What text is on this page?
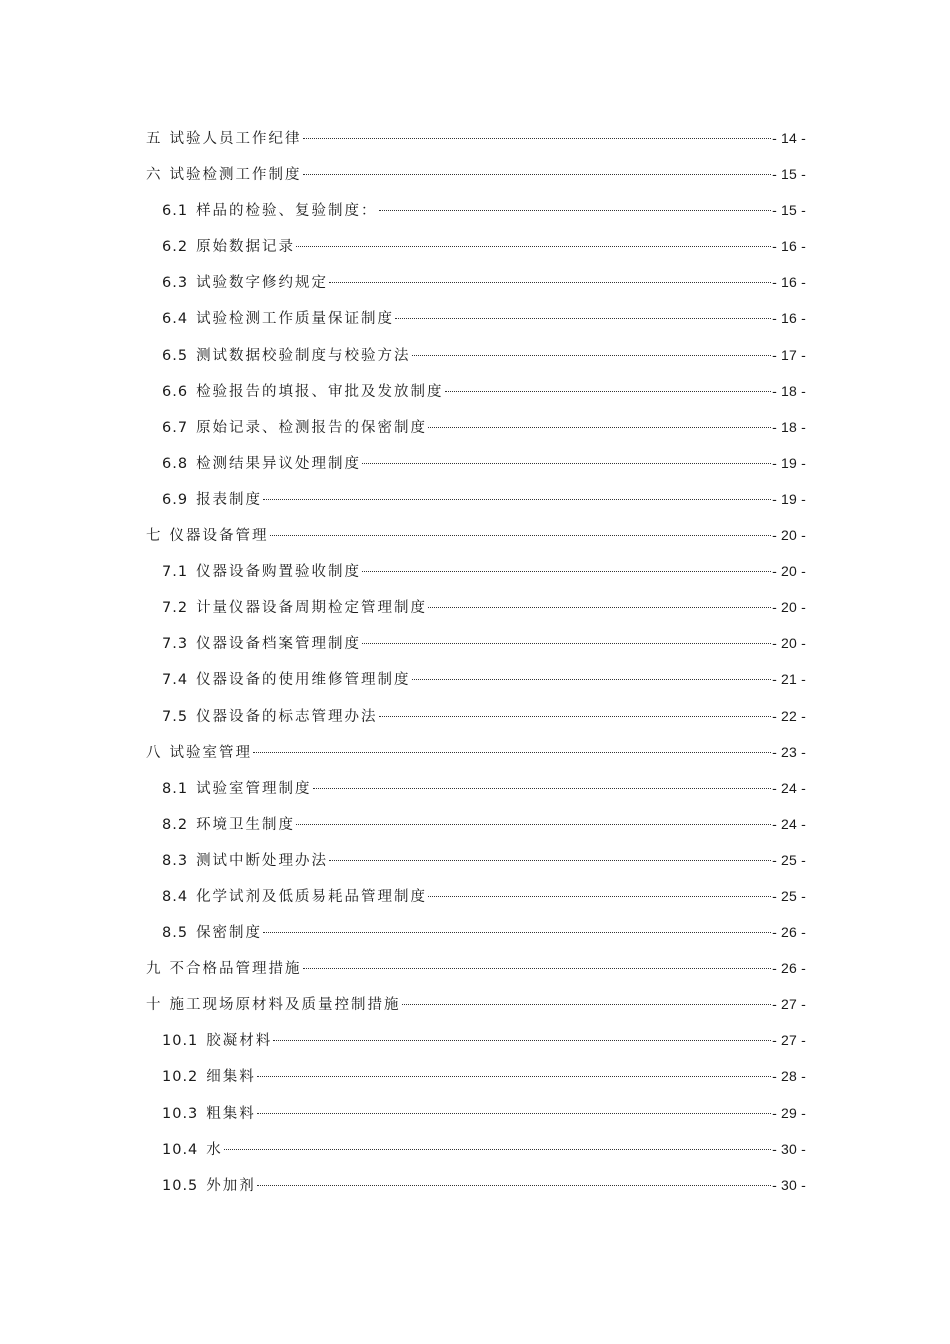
五 试验人员工作纪律	- 14 -
六 试验检测工作制度	- 15 -
6.1 样品的检验、复验制度：	- 15 -
6.2 原始数据记录	- 16 -
6.3 试验数字修约规定	- 16 -
6.4 试验检测工作质量保证制度	- 16 -
6.5 测试数据校验制度与校验方法	- 17 -
6.6 检验报告的填报、审批及发放制度	- 18 -
6.7 原始记录、检测报告的保密制度	- 18 -
6.8 检测结果异议处理制度	- 19 -
6.9 报表制度	- 19 -
七 仪器设备管理	- 20 -
7.1 仪器设备购置验收制度	- 20 -
7.2 计量仪器设备周期检定管理制度	- 20 -
7.3 仪器设备档案管理制度	- 20 -
7.4 仪器设备的使用维修管理制度	- 21 -
7.5 仪器设备的标志管理办法	- 22 -
八 试验室管理	- 23 -
8.1 试验室管理制度	- 24 -
8.2 环境卫生制度	- 24 -
8.3 测试中断处理办法	- 25 -
8.4 化学试剂及低质易耗品管理制度	- 25 -
8.5 保密制度	- 26 -
九 不合格品管理措施	- 26 -
十 施工现场原材料及质量控制措施	- 27 -
10.1 胶凝材料	- 27 -
10.2 细集料	- 28 -
10.3 粗集料	- 29 -
10.4 水	- 30 -
10.5 外加剂	- 30 -
